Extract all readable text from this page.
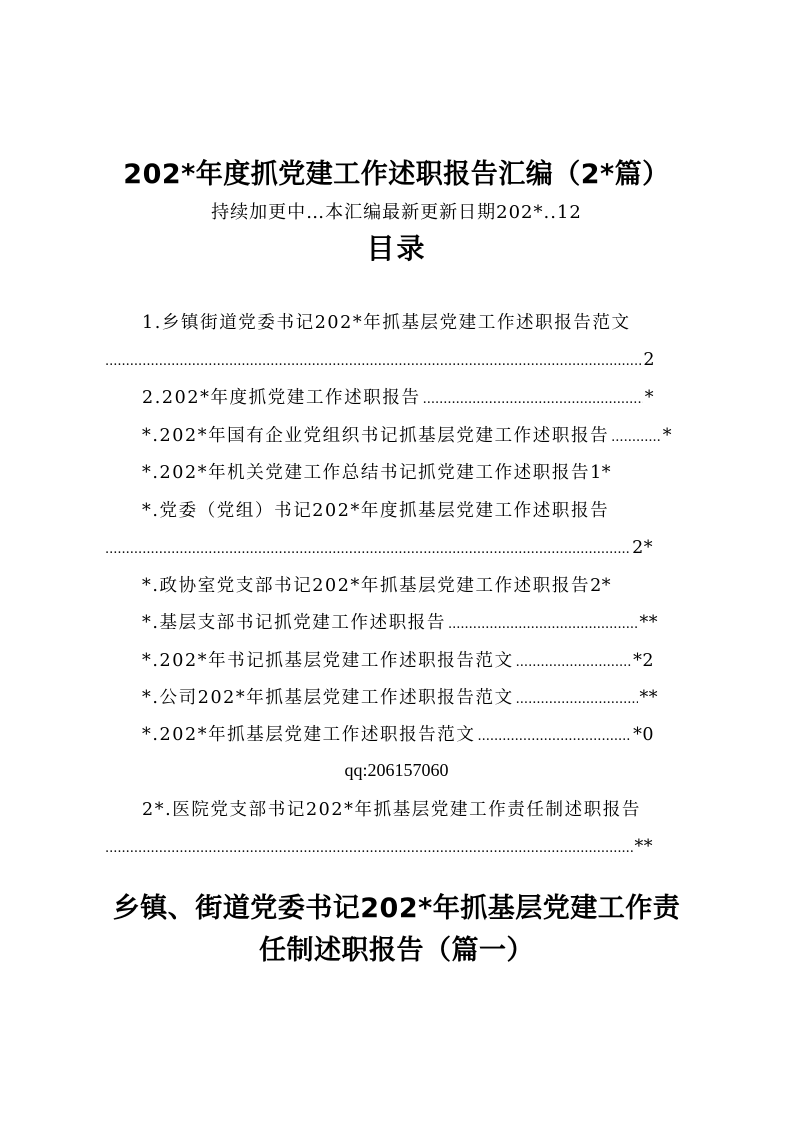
202*年度抓党建工作述职报告汇编（2*篇）
持续加更中…本汇编最新更新日期202*..12
目录
1.乡镇街道党委书记202*年抓基层党建工作述职报告范文
.....
2
2.202*年度抓党建工作述职报告 .....	*
*.202*年国有企业党组织书记抓基层党建工作述职报告 .....	*
*.202*年机关党建工作总结书记抓党建工作述职报告 1*
*.党委（党组）书记202*年度抓基层党建工作述职报告
.....
2*
*.政协室党支部书记202*年抓基层党建工作述职报告 2*
*.基层支部书记抓党建工作述职报告 .....	**
*.202*年书记抓基层党建工作述职报告范文 .....	*2
*.公司202*年抓基层党建工作述职报告范文 .....	**
*.202*年抓基层党建工作述职报告范文 .....	*0
2*.医院党支部书记202*年抓基层党建工作责任制述职报告
.....
**
qq:206157060
乡镇、街道党委书记202*年抓基层党建工作责
任制述职报告（篇一）
